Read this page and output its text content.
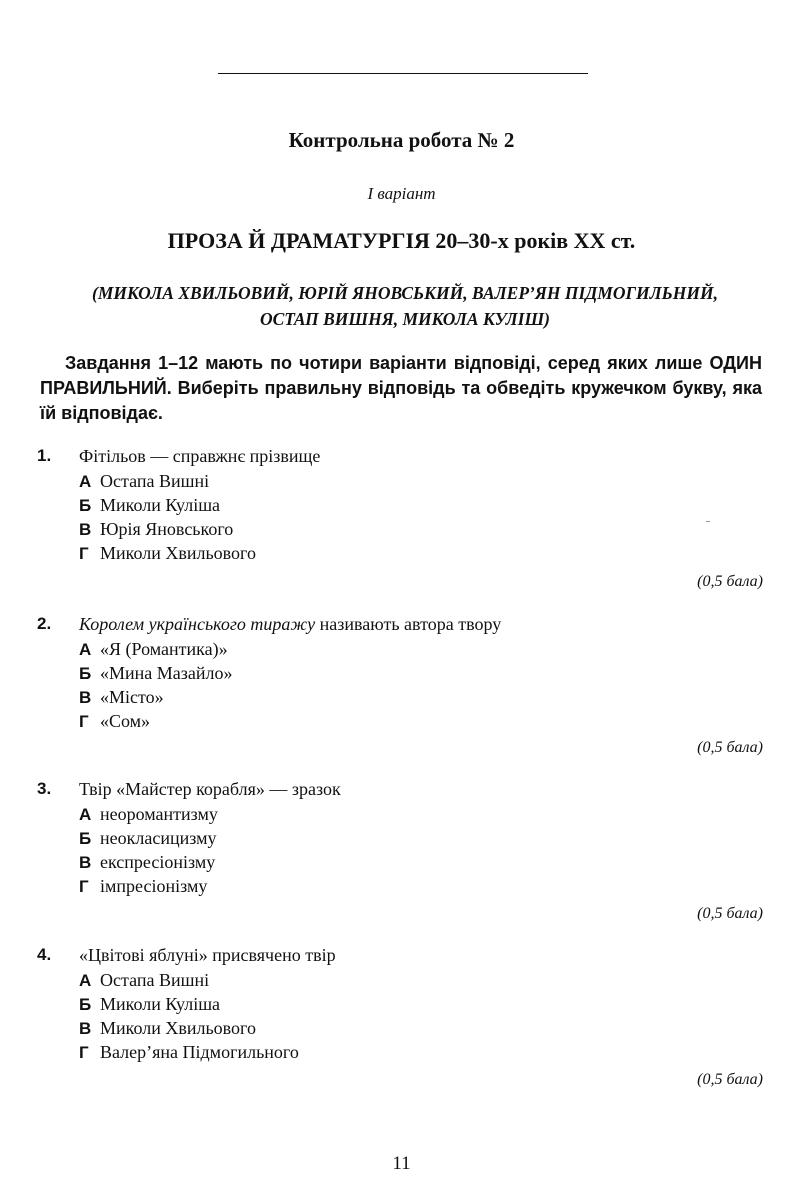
Контрольна робота № 2
І варіант
ПРОЗА Й ДРАМАТУРГІЯ 20–30-х років XX ст.
(МИКОЛА ХВИЛЬОВИЙ, ЮРІЙ ЯНОВСЬКИЙ, ВАЛЕР’ЯН ПІДМОГИЛЬНИЙ,
ОСТАП ВИШНЯ, МИКОЛА КУЛІШ)
Завдання 1–12 мають по чотири варіанти відповіді, серед яких лише ОДИН ПРАВИЛЬНИЙ. Виберіть правильну відповідь та обведіть кружечком букву, яка їй відповідає.
1. Фітільов — справжнє прізвище
А Остапа Вишні
Б Миколи Куліша
В Юрія Яновського
Г Миколи Хвильового
(0,5 бала)
2. Королем українського тиражу називають автора твору
А «Я (Романтика)»
Б «Мина Мазайло»
В «Місто»
Г «Сом»
(0,5 бала)
3. Твір «Майстер корабля» — зразок
А неоромантизму
Б неокласицизму
В експресіонізму
Г імпресіонізму
(0,5 бала)
4. «Цвітові яблуні» присвячено твір
А Остапа Вишні
Б Миколи Куліша
В Миколи Хвильового
Г Валер’яна Підмогильного
(0,5 бала)
11
